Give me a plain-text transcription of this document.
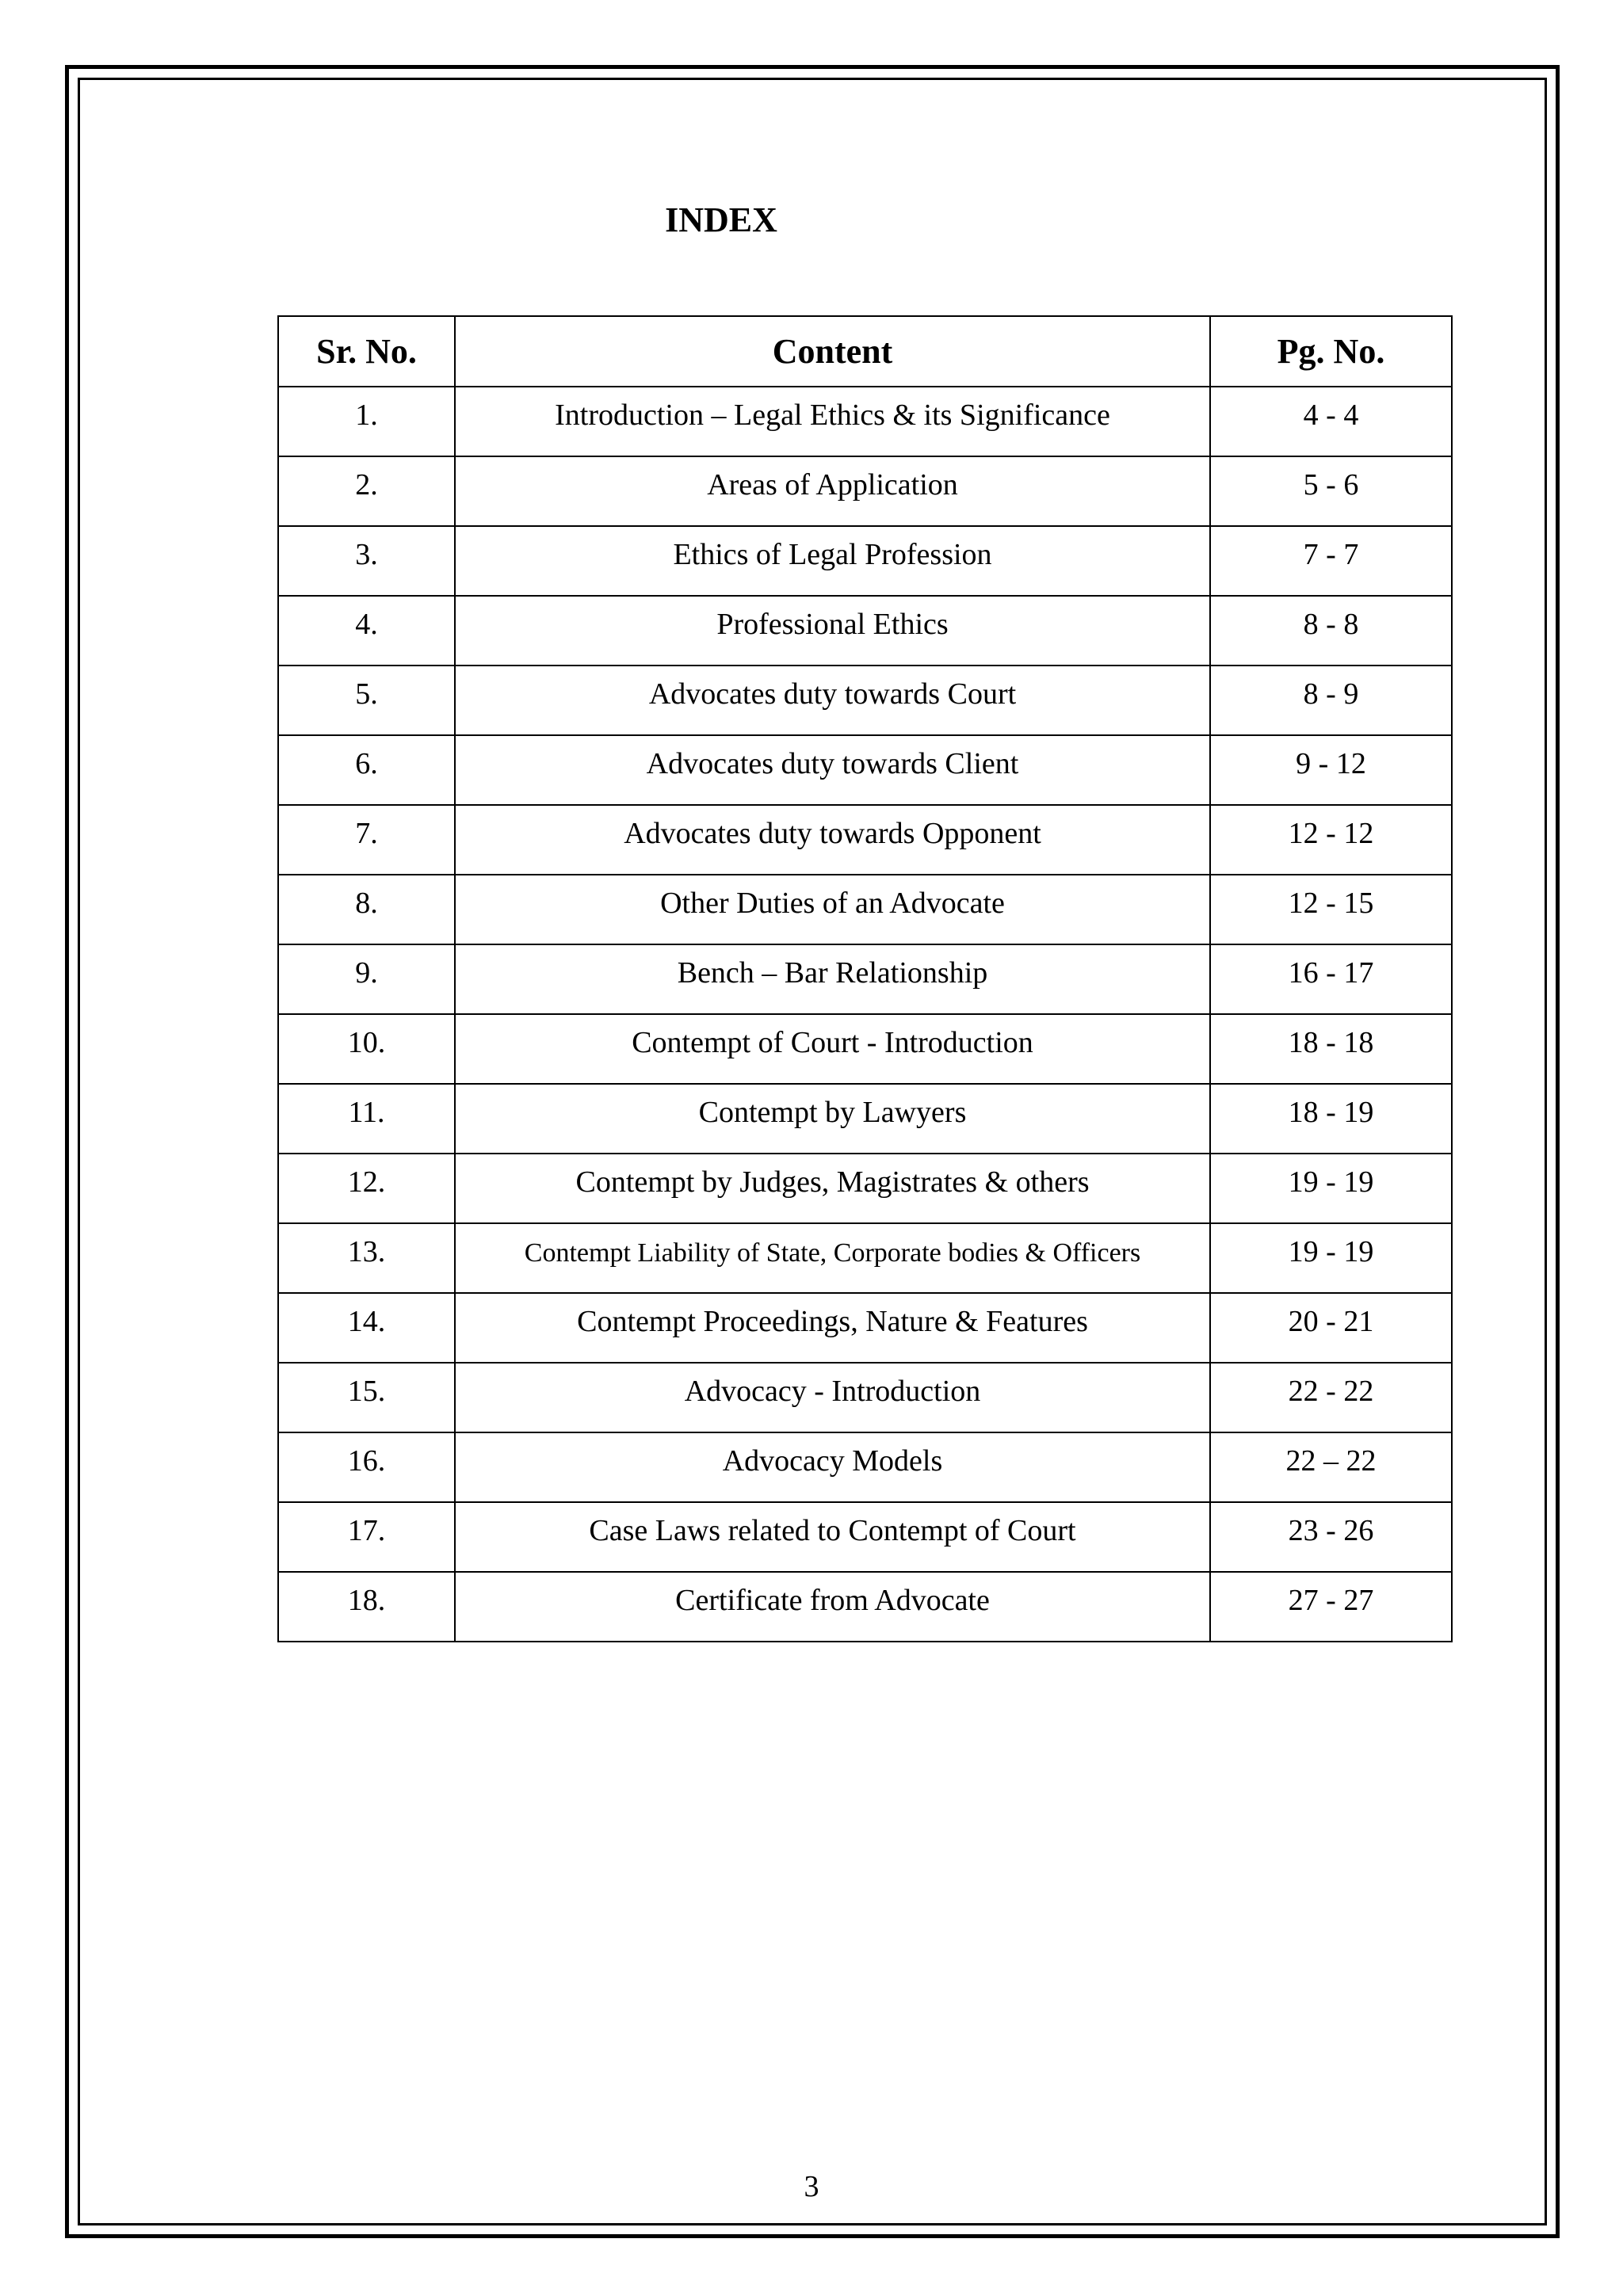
INDEX
Sr. No.	Content	Pg. No.
1.	Introduction – Legal Ethics & its Significance	4 - 4
2.	Areas of Application	5 - 6
3.	Ethics of Legal Profession	7 - 7
4.	Professional Ethics	8 - 8
5.	Advocates duty towards Court	8 - 9
6.	Advocates duty towards Client	9 - 12
7.	Advocates duty towards Opponent	12 - 12
8.	Other Duties of an Advocate	12 - 15
9.	Bench – Bar Relationship	16 - 17
10.	Contempt of Court - Introduction	18 - 18
11.	Contempt by Lawyers	18 - 19
12.	Contempt by Judges, Magistrates & others	19 - 19
13.	Contempt Liability of State, Corporate bodies & Officers	19 - 19
14.	Contempt Proceedings, Nature & Features	20 - 21
15.	Advocacy - Introduction	22 - 22
16.	Advocacy Models	22 – 22
17.	Case Laws related to Contempt of Court	23 - 26
18.	Certificate from Advocate	27 - 27
3
